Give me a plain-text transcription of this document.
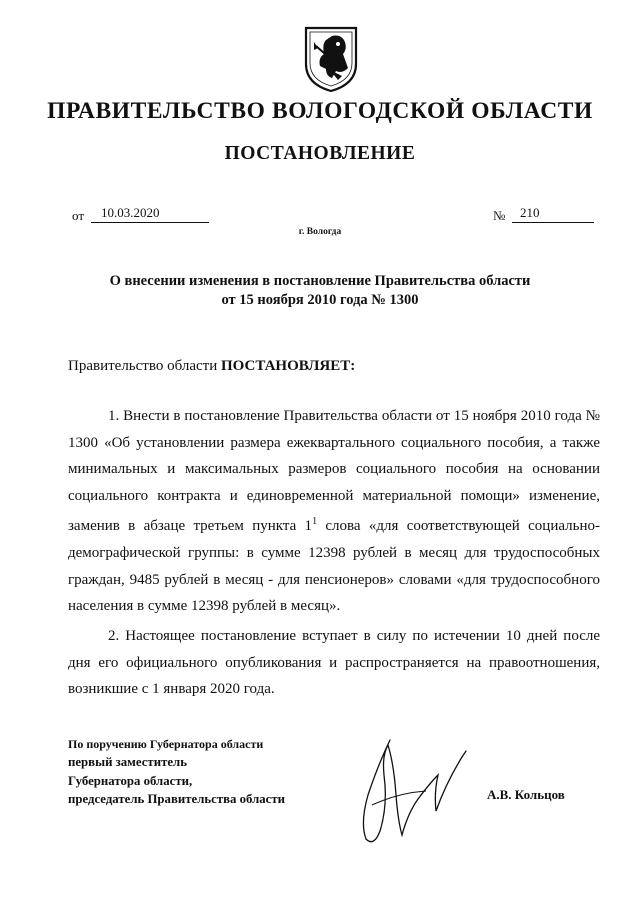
ПРАВИТЕЛЬСТВО ВОЛОГОДСКОЙ ОБЛАСТИ
ПОСТАНОВЛЕНИЕ
от	10.03.2020	№	210
г. Вологда
О внесении изменения в постановление Правительства области
от 15 ноября 2010 года № 1300
Правительство области ПОСТАНОВЛЯЕТ:
1. Внести в постановление Правительства области от 15 ноября 2010 года № 1300 «Об установлении размера ежеквартального социального пособия, а также минимальных и максимальных размеров социального пособия на основании социального контракта и единовременной материальной помощи» изменение, заменив в абзаце третьем пункта $1^1$ слова «для соответствующей социально-демографической группы: в сумме 12398 рублей в месяц для трудоспособных граждан, 9485 рублей в месяц - для пенсионеров» словами «для трудоспособного населения в сумме 12398 рублей в месяц».
2. Настоящее постановление вступает в силу по истечении 10 дней после дня его официального опубликования и распространяется на правоотношения, возникшие с 1 января 2020 года.
По поручению Губернатора области
первый заместитель
Губернатора области,
председатель Правительства области	А.В. Кольцов
